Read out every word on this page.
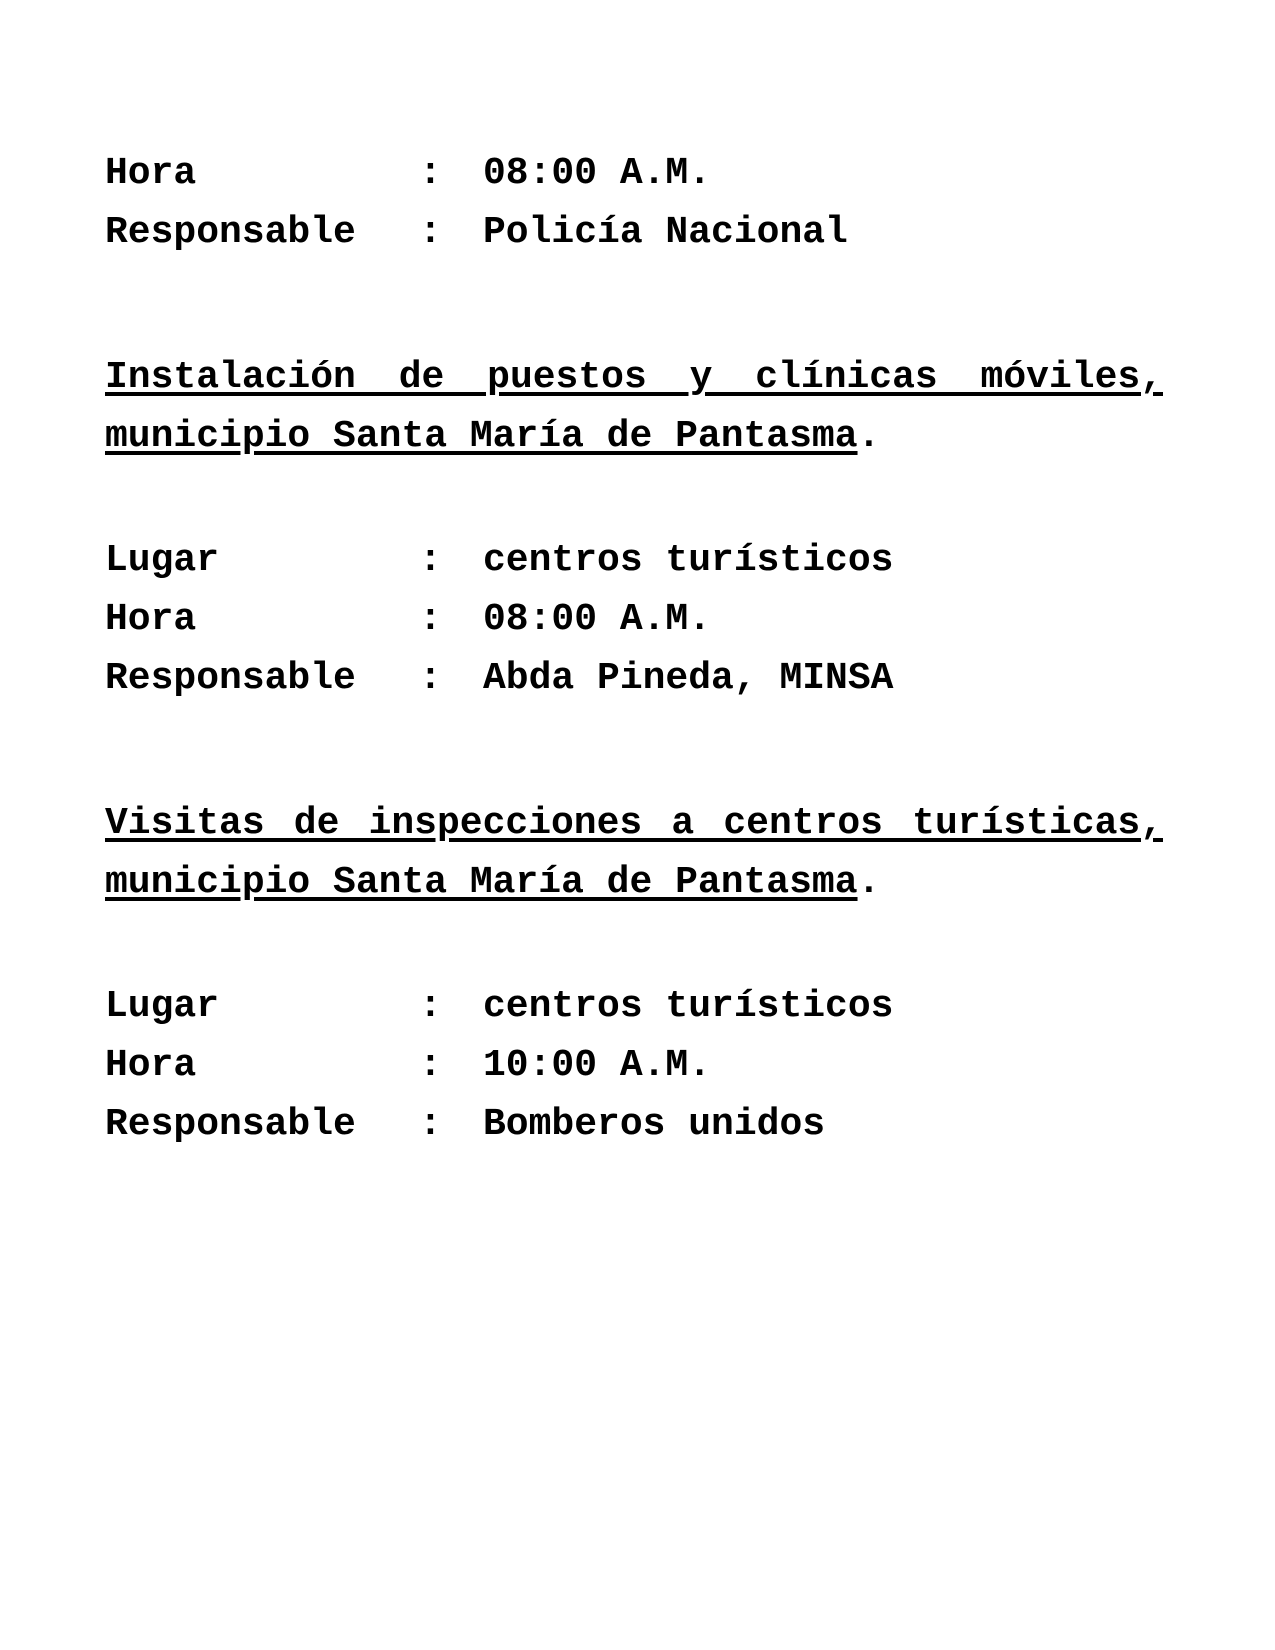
Hora	: 08:00 A.M.
Responsable : Policía Nacional
Instalación de puestos y clínicas móviles,
municipio Santa María de Pantasma.
Lugar	: centros turísticos
Hora	: 08:00 A.M.
Responsable : Abda Pineda, MINSA
Visitas de inspecciones a centros turísticas,
municipio Santa María de Pantasma.
Lugar	: centros turísticos
Hora	: 10:00 A.M.
Responsable : Bomberos unidos
